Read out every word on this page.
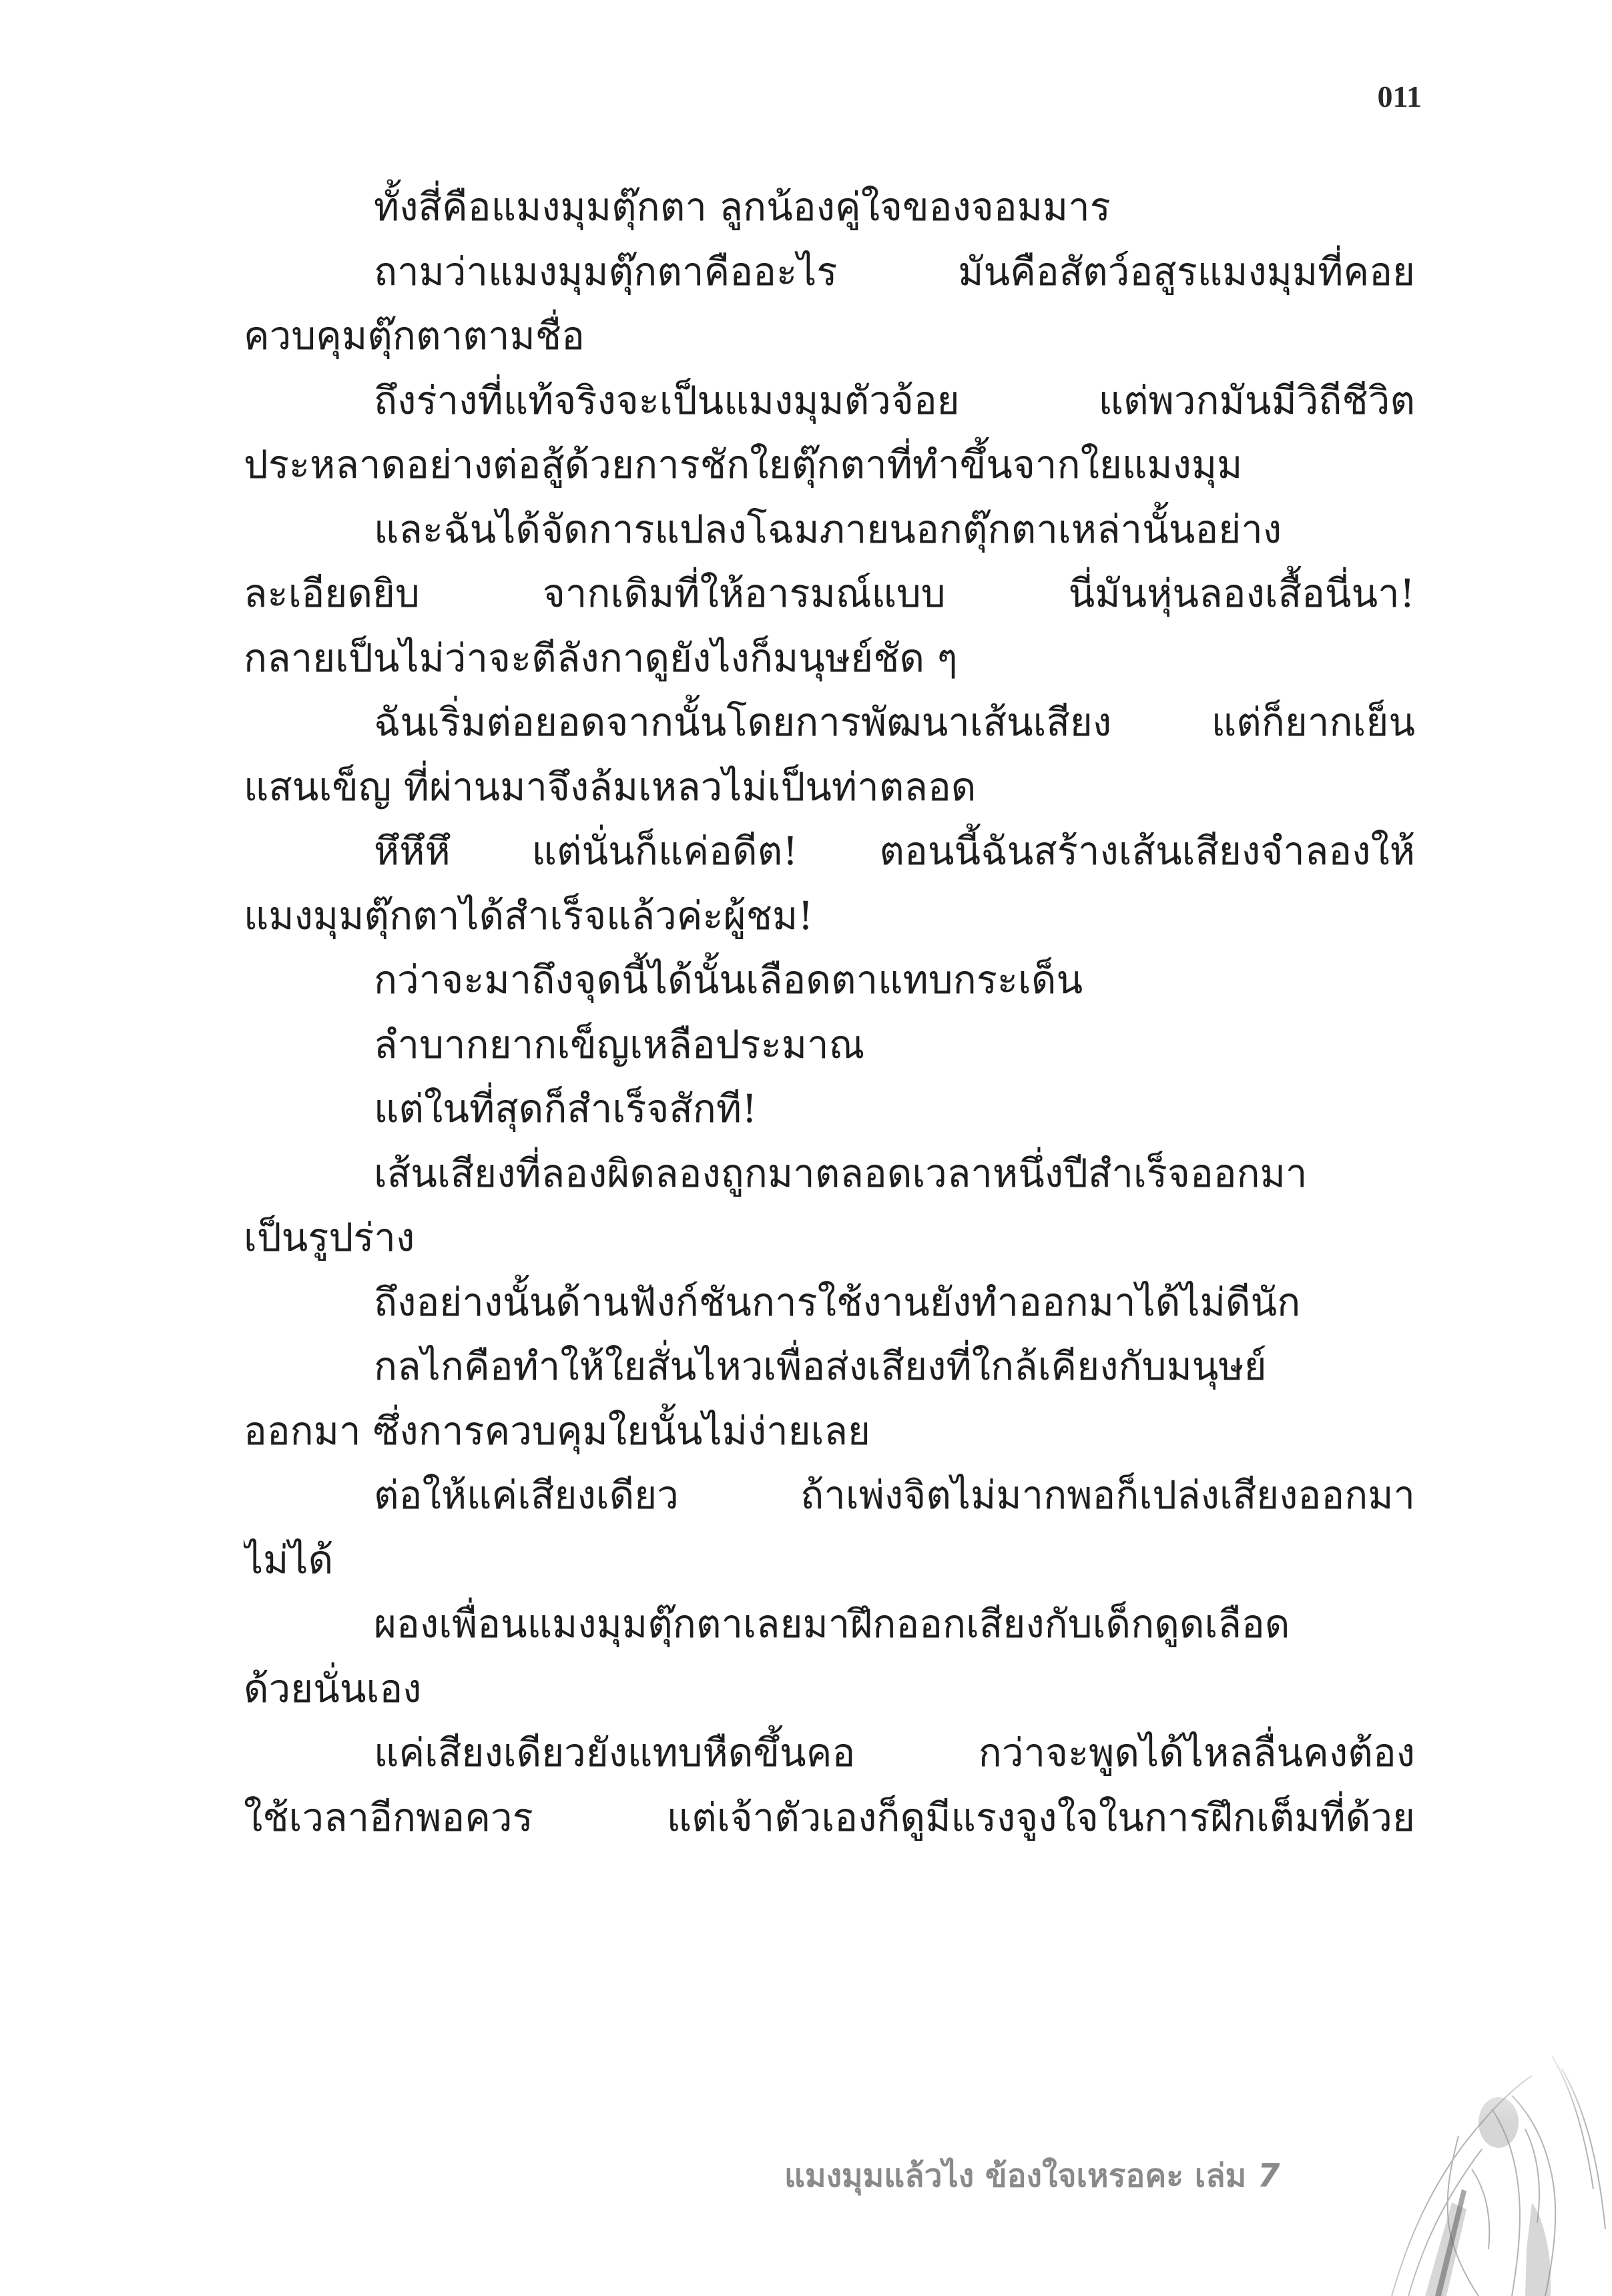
011
ทั้งสี่คือแมงมุมตุ๊กตา ลูกน้องคู่ใจของจอมมาร
ถามว่าแมงมุมตุ๊กตาคืออะไร มันคือสัตว์อสูรแมงมุมที่คอย
ควบคุมตุ๊กตาตามชื่อ
ถึงร่างที่แท้จริงจะเป็นแมงมุมตัวจ้อย แต่พวกมันมีวิถีชีวิต
ประหลาดอย่างต่อสู้ด้วยการชักใยตุ๊กตาที่ทำขึ้นจากใยแมงมุม
และฉันได้จัดการแปลงโฉมภายนอกตุ๊กตาเหล่านั้นอย่าง
ละเอียดยิบ จากเดิมที่ให้อารมณ์แบบ นี่มันหุ่นลองเสื้อนี่นา!
กลายเป็นไม่ว่าจะตีลังกาดูยังไงก็มนุษย์ชัด ๆ
ฉันเริ่มต่อยอดจากนั้นโดยการพัฒนาเส้นเสียง แต่ก็ยากเย็น
แสนเข็ญ ที่ผ่านมาจึงล้มเหลวไม่เป็นท่าตลอด
หึหึหึ แต่นั่นก็แค่อดีต! ตอนนี้ฉันสร้างเส้นเสียงจำลองให้
แมงมุมตุ๊กตาได้สำเร็จแล้วค่ะผู้ชม!
กว่าจะมาถึงจุดนี้ได้นั้นเลือดตาแทบกระเด็น
ลำบากยากเข็ญเหลือประมาณ
แต่ในที่สุดก็สำเร็จสักที!
เส้นเสียงที่ลองผิดลองถูกมาตลอดเวลาหนึ่งปีสำเร็จออกมา
เป็นรูปร่าง
ถึงอย่างนั้นด้านฟังก์ชันการใช้งานยังทำออกมาได้ไม่ดีนัก
กลไกคือทำให้ใยสั่นไหวเพื่อส่งเสียงที่ใกล้เคียงกับมนุษย์
ออกมา ซึ่งการควบคุมใยนั้นไม่ง่ายเลย
ต่อให้แค่เสียงเดียว ถ้าเพ่งจิตไม่มากพอก็เปล่งเสียงออกมา
ไม่ได้
ผองเพื่อนแมงมุมตุ๊กตาเลยมาฝึกออกเสียงกับเด็กดูดเลือด
ด้วยนั่นเอง
แค่เสียงเดียวยังแทบหืดขึ้นคอ กว่าจะพูดได้ไหลลื่นคงต้อง
ใช้เวลาอีกพอควร แต่เจ้าตัวเองก็ดูมีแรงจูงใจในการฝึกเต็มที่ด้วย
แมงมุมแล้วไง ข้องใจเหรอคะ เล่ม 7
